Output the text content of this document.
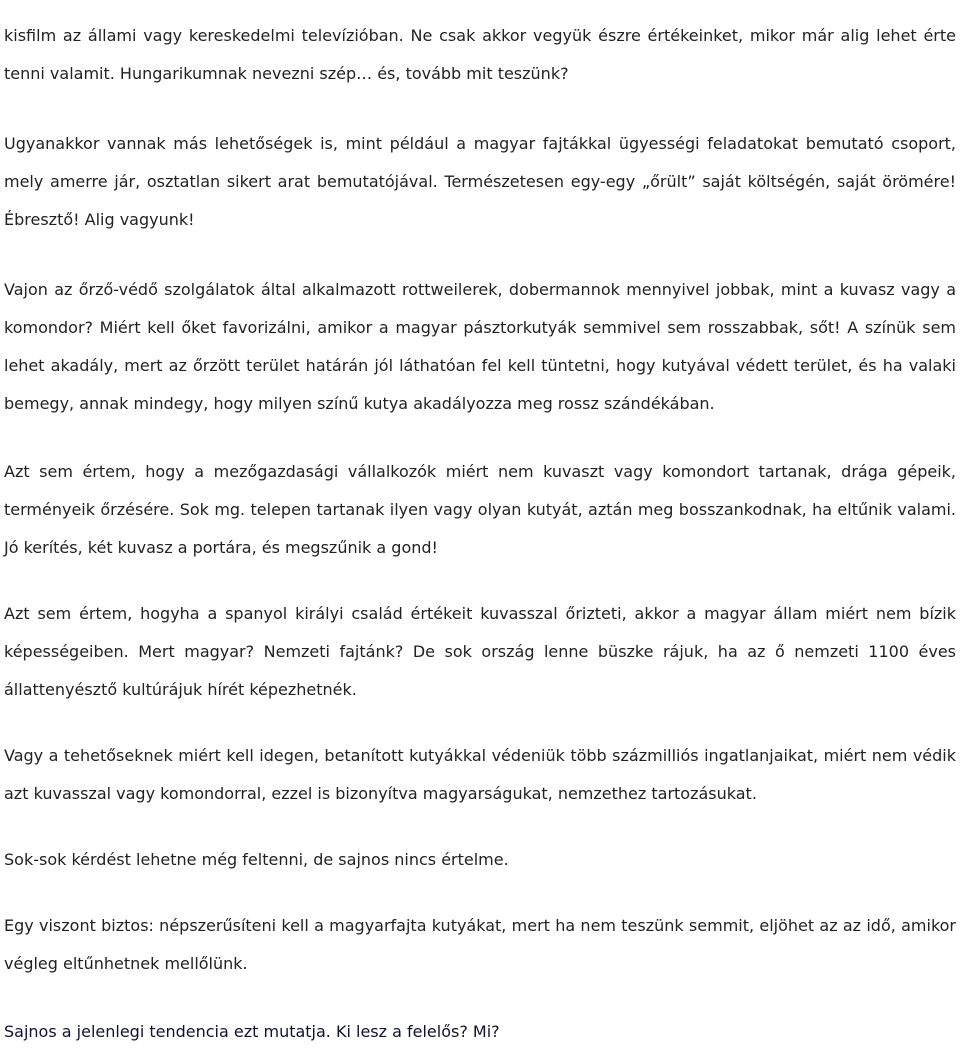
kisfilm az állami vagy kereskedelmi televízióban. Ne csak akkor vegyük észre értékeinket, mikor már alig lehet érte tenni valamit. Hungarikumnak nevezni szép… és, tovább mit teszünk?

Ugyanakkor vannak más lehetőségek is, mint például a magyar fajtákkal ügyességi feladatokat bemutató csoport, mely amerre jár, osztatlan sikert arat bemutatójával. Természetesen egy-egy „őrült” saját költségén, saját örömére! Ébresztő! Alig vagyunk!

Vajon az őrző-védő szolgálatok által alkalmazott rottweilerek, dobermannok mennyivel jobbak, mint a kuvasz vagy a komondor? Miért kell őket favorizálni, amikor a magyar pásztorkutyák semmivel sem rosszabbak, sőt! A színük sem lehet akadály, mert az őrzött terület határán jól láthatóan fel kell tüntetni, hogy kutyával védett terület, és ha valaki bemegy, annak mindegy, hogy milyen színű kutya akadályozza meg rossz szándékában.

Azt sem értem, hogy a mezőgazdasági vállalkozók miért nem kuvaszt vagy komondort tartanak, drága gépeik, terményeik őrzésére. Sok mg. telepen tartanak ilyen vagy olyan kutyát, aztán meg bosszankodnak, ha eltűnik valami. Jó kerítés, két kuvasz a portára, és megszűnik a gond!

Azt sem értem, hogyha a spanyol királyi család értékeit kuvasszal őrizteti, akkor a magyar állam miért nem bízik képességeiben. Mert magyar? Nemzeti fajtánk? De sok ország lenne büszke rájuk, ha az ő nemzeti 1100 éves állattenyésztő kultúrájuk hírét képezhetnék.

Vagy a tehetőseknek miért kell idegen, betanított kutyákkal védeniük több százmilliós ingatlanjaikat, miért nem védik azt kuvasszal vagy komondorral, ezzel is bizonyítva magyarságukat, nemzethez tartozásukat.

Sok-sok kérdést lehetne még feltenni, de sajnos nincs értelme.

Egy viszont biztos: népszerűsíteni kell a magyarfajta kutyákat, mert ha nem teszünk semmit, eljöhet az az idő, amikor végleg eltűnhetnek mellőlünk.

Sajnos a jelenlegi tendencia ezt mutatja. Ki lesz a felelős? Mi?
